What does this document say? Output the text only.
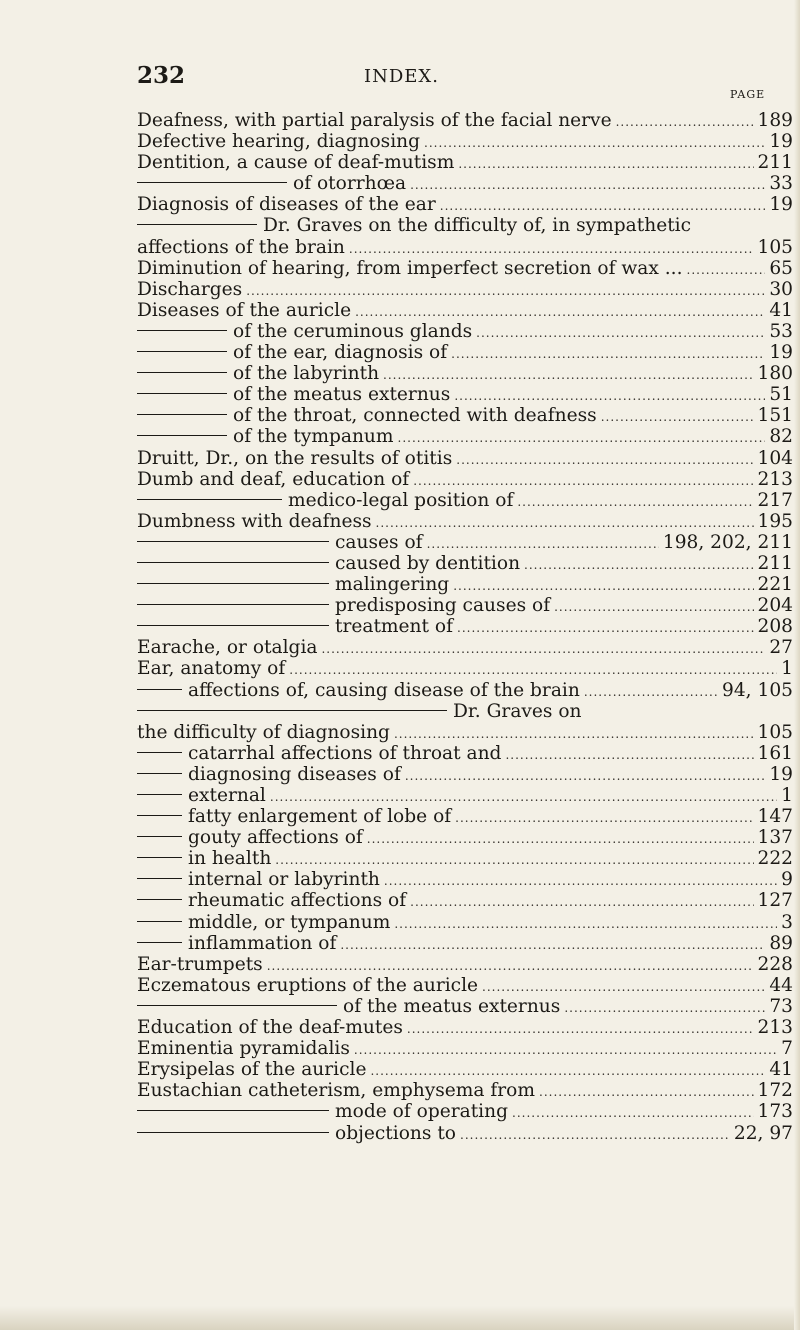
232	INDEX.
PAGE
Deafness, with partial paralysis of the facial nerve .....	189
Defective hearing, diagnosing .....	19
Dentition, a cause of deaf-mutism .....	211
of otorrhœa .....	33
Diagnosis of diseases of the ear .....	19
Dr. Graves on the difficulty of, in sympathetic
affections of the brain .....	105
Diminution of hearing, from imperfect secretion of wax ... .....	65
Discharges .....	30
Diseases of the auricle .....	41
of the ceruminous glands .....	53
of the ear, diagnosis of .....	19
of the labyrinth .....	180
of the meatus externus .....	51
of the throat, connected with deafness .....	151
of the tympanum .....	82
Druitt, Dr., on the results of otitis .....	104
Dumb and deaf, education of .....	213
medico-legal position of .....	217
Dumbness with deafness .....	195
causes of .....	198, 202, 211
caused by dentition .....	211
malingering .....	221
predisposing causes of .....	204
treatment of .....	208
Earache, or otalgia .....	27
Ear, anatomy of .....	1
affections of, causing disease of the brain .....	94, 105
Dr. Graves on
the difficulty of diagnosing .....	105
catarrhal affections of throat and .....	161
diagnosing diseases of .....	19
external .....	1
fatty enlargement of lobe of .....	147
gouty affections of .....	137
in health .....	222
internal or labyrinth .....	9
rheumatic affections of .....	127
middle, or tympanum .....	3
inflammation of .....	89
Ear-trumpets .....	228
Eczematous eruptions of the auricle .....	44
of the meatus externus .....	73
Education of the deaf-mutes .....	213
Eminentia pyramidalis .....	7
Erysipelas of the auricle .....	41
Eustachian catheterism, emphysema from .....	172
mode of operating .....	173
objections to .....	22, 97
